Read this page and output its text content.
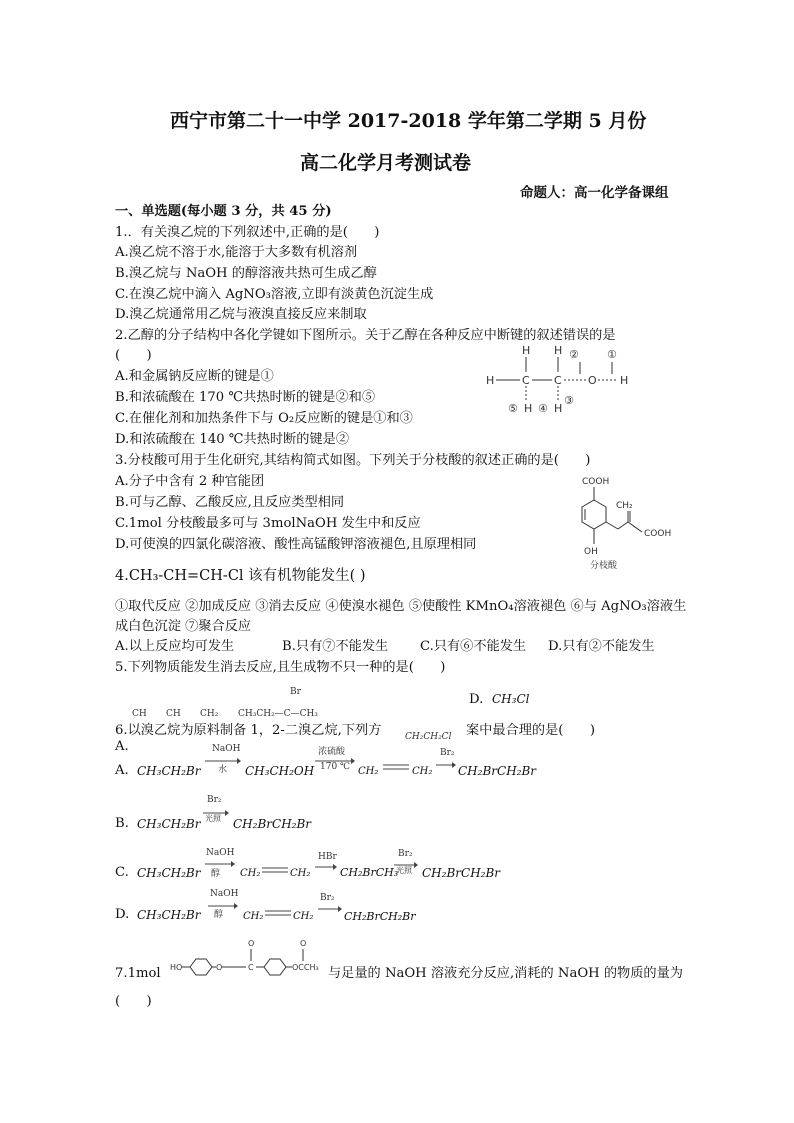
西宁市第二十一中学 2017-2018 学年第二学期 5 月份
高二化学月考测试卷
命题人：高一化学备课组
一、单选题(每小题 3 分，共 45 分)
1.．有关溴乙烷的下列叙述中,正确的是(　　)
A.溴乙烷不溶于水,能溶于大多数有机溶剂
B.溴乙烷与 NaOH 的醇溶液共热可生成乙醇
C.在溴乙烷中滴入 AgNO₃溶液,立即有淡黄色沉淀生成
D.溴乙烷通常用乙烷与液溴直接反应来制取
2.乙醇的分子结构中各化学键如下图所示。关于乙醇在各种反应中断键的叙述错误的是
(　　)
A.和金属钠反应断的键是①
B.和浓硫酸在 170 ℃共热时断的键是②和⑤
C.在催化剂和加热条件下与 O₂反应断的键是①和③
D.和浓硫酸在 140 ℃共热时断的键是②
H H ②	①
H	C C O H
⑤ H ④ H
③
3.分枝酸可用于生化研究,其结构简式如图。下列关于分枝酸的叙述正确的是(　　)
A.分子中含有 2 种官能团
B.可与乙醇、乙酸反应,且反应类型相同
C.1mol 分枝酸最多可与 3molNaOH 发生中和反应
D.可使溴的四氯化碳溶液、酸性高锰酸钾溶液褪色,且原理相同
COOH
CH₂
COOH
OH
分枝酸
4.CH₃-CH=CH-Cl 该有机物能发生( )
①取代反应 ②加成反应 ③消去反应 ④使溴水褪色 ⑤使酸性 KMnO₄溶液褪色 ⑥与 AgNO₃溶液生
成白色沉淀 ⑦聚合反应
A.以上反应均可发生	B.只有⑦不能发生 C.只有⑥不能发生 D.只有②不能发生
5.下列物质能发生消去反应,且生成物不只一种的是(　　)
Br
CH₃CH₂—C—CH₃
CH CH CH₂
D. CH₃Cl
CH₂CH₂Cl
6.以溴乙烷为原料制备 1，2-二溴乙烷,下列方	案中最合理的是(　　)
A.
A. CH₃CH₂Br
NaOH
水 CH₃CH₂OH
浓硫酸
170 ℃ CH₂	CH₂
Br₂
CH₂BrCH₂Br
B. CH₃CH₂Br
Br₂
光照 CH₂BrCH₂Br
C. CH₃CH₂Br
NaOH
醇 CH₂	CH₂
HBr
CH₂BrCH₃
Br₂
光照 CH₂BrCH₂Br
D. CH₃CH₂Br
NaOH
醇 CH₂	CH₂
Br₂
CH₂BrCH₂Br
7.1mol HO	O
O
C
O
OCCH₃ 与足量的 NaOH 溶液充分反应,消耗的 NaOH 的物质的量为
(　　)
